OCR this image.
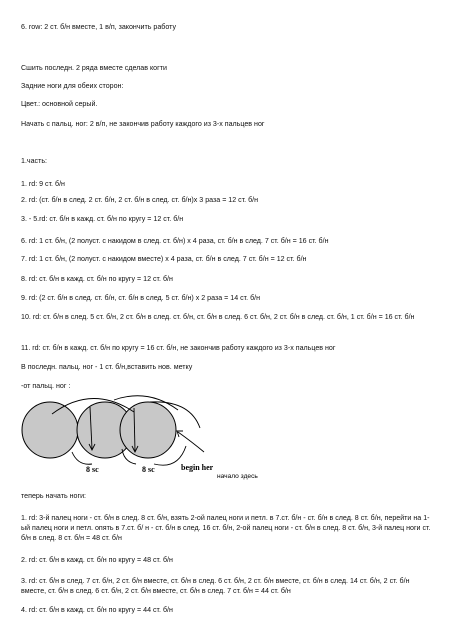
6. row: 2 ст. б/н вместе, 1 в/п, закончить работу
Сшить последн. 2 ряда вместе сделав когти
Задние ноги для обеих сторон:
Цвет.: основной серый.
Начать с пальц. ног: 2 в/п, не закончив работу каждого из 3-х пальцев ног
1.часть:
1. rd: 9 ст. б/н
2. rd: (ст. б/н в след. 2 ст. б/н, 2 ст. б/н в след. ст. б/н)х 3 раза = 12 ст. б/н
3. - 5.rd: ст. б/н в кажд. ст. б/н по кругу = 12 ст. б/н
6. rd: 1 ст. б/н, (2 полуст. с накидом в след. ст. б/н) х 4 раза, ст. б/н в след. 7 ст. б/н = 16 ст. б/н
7. rd: 1 ст. б/н, (2 полуст. с накидом вместе) х 4 раза, ст. б/н в след. 7 ст. б/н = 12 ст. б/н
8. rd: ст. б/н в кажд. ст. б/н по кругу = 12 ст. б/н
9. rd: (2 ст. б/н в след. ст. б/н, ст. б/н в след. 5 ст. б/н) х 2 раза = 14 ст. б/н
10. rd: ст. б/н в след. 5 ст. б/н, 2 ст. б/н в след. ст. б/н, ст. б/н в след. 6 ст. б/н, 2 ст. б/н в след. ст. б/н, 1 ст. б/н = 16 ст. б/н
11. rd: ст. б/н в кажд. ст. б/н по кругу = 16 ст. б/н, не закончив работу каждого из 3-х пальцев ног
В последн. пальц. ног - 1 ст. б/н,вставить нов. метку
-от пальц. ног :
8 sc	8 sc	begin her
начало здесь
теперь начать ноги:
1. rd: 3-й палец ноги - ст. б/н в след. 8 ст. б/н, взять 2-ой палец ноги и петл. в 7.ст. б/н - ст. б/н в след. 8 ст. б/н, перейти на 1-ый палец ноги и петл. опять в 7.ст. б/ н - ст. б/н в след. 16 ст. б/н, 2-ой палец ноги - ст. б/н в след. 8 ст. б/н, 3-й палец ноги ст. б/н в след. 8 ст. б/н = 48 ст. б/н
2. rd: ст. б/н в кажд. ст. б/н по кругу = 48 ст. б/н
3. rd: ст. б/н в след. 7 ст. б/н, 2 ст. б/н вместе, ст. б/н в след. 6 ст. б/н, 2 ст. б/н вместе, ст. б/н в след. 14 ст. б/н, 2 ст. б/н вместе, ст. б/н в след. 6 ст. б/н, 2 ст. б/н вместе, ст. б/н в след. 7 ст. б/н = 44 ст. б/н
4. rd: ст. б/н в кажд. ст. б/н по кругу = 44 ст. б/н
